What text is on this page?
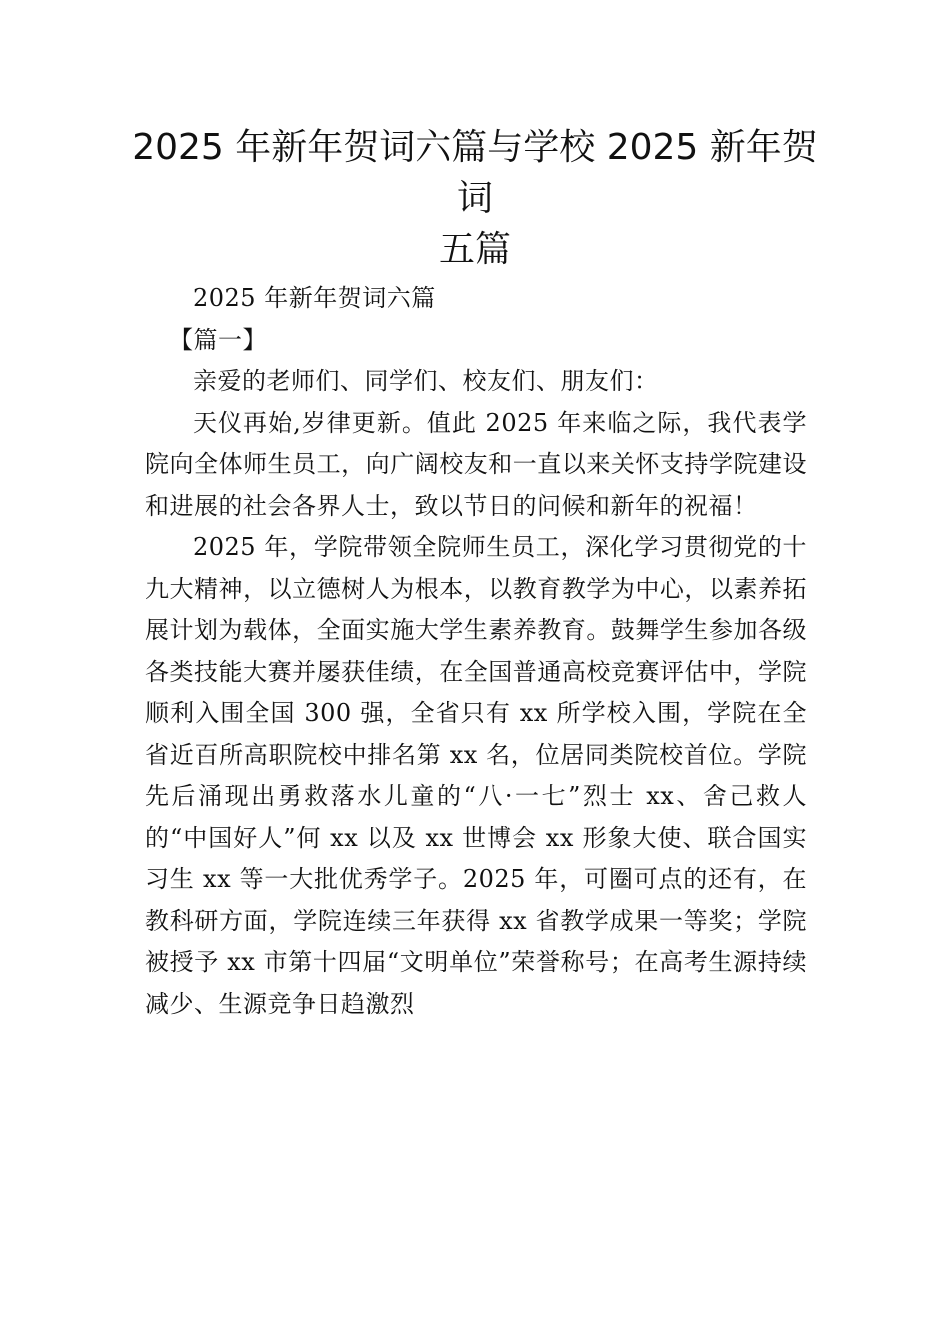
2025 年新年贺词六篇与学校 2025 新年贺词
五篇

2025 年新年贺词六篇

【篇一】

亲爱的老师们、同学们、校友们、朋友们：

天仪再始,岁律更新。值此 2025 年来临之际，我代表学院向全体师生员工，向广阔校友和一直以来关怀支持学院建设和进展的社会各界人士，致以节日的问候和新年的祝福！

2025 年，学院带领全院师生员工，深化学习贯彻党的十九大精神，以立德树人为根本，以教育教学为中心，以素养拓展计划为载体，全面实施大学生素养教育。鼓舞学生参加各级各类技能大赛并屡获佳绩，在全国普通高校竞赛评估中，学院顺利入围全国 300 强，全省只有 xx 所学校入围，学院在全省近百所高职院校中排名第 xx 名，位居同类院校首位。学院先后涌现出勇救落水儿童的“八·一七”烈士 xx、舍己救人的“中国好人”何 xx 以及 xx 世博会 xx 形象大使、联合国实习生 xx 等一大批优秀学子。2025 年，可圈可点的还有，在教科研方面，学院连续三年获得 xx 省教学成果一等奖；学院被授予 xx 市第十四届“文明单位”荣誉称号；在高考生源持续减少、生源竞争日趋激烈
